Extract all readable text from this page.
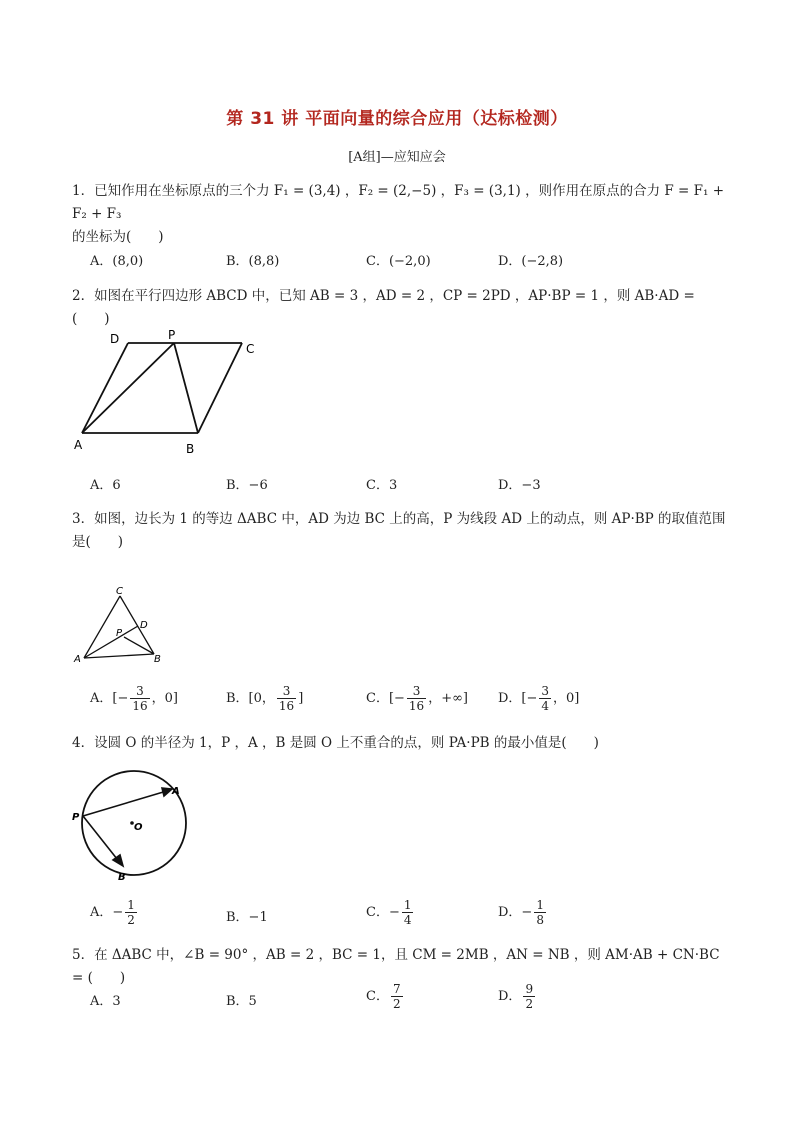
第 31 讲 平面向量的综合应用（达标检测）
[A组]—应知应会
1．已知作用在坐标原点的三个力 F₁ = (3,4) ，F₂ = (2,−5) ，F₃ = (3,1) ，则作用在原点的合力 F = F₁ + F₂ + F₃
的坐标为(　　)
A．(8,0)	B．(8,8)	C．(−2,0)	D．(−2,8)
2．如图在平行四边形 ABCD 中，已知 AB = 3 ，AD = 2 ，CP = 2PD ，AP·BP = 1 ，则 AB·AD = (　　)
D	P
C
A	B
A．6	B．−6	C．3	D．−3
3．如图，边长为 1 的等边 ΔABC 中，AD 为边 BC 上的高，P 为线段 AD 上的动点，则 AP·BP 的取值范围
是(　　)
C
D
P
A	B
A．[− $\frac{3}{16}$ ，0]	B．[0， $\frac{3}{16}$ ]	C．[− $\frac{3}{16}$ ，+∞] D．[− $\frac{3}{4}$ ，0]
4．设圆 O 的半径为 1，P ，A ，B 是圆 O 上不重合的点，则 PA·PB 的最小值是(　　)
P
A
O
B
A．− $\frac{1}{2}$	B．−1	C．− $\frac{1}{4}$	D．− $\frac{1}{8}$
5．在 ΔABC 中，∠B = 90° ，AB = 2 ，BC = 1，且 CM = 2MB ，AN = NB ，则 AM·AB + CN·BC = (　　)
A．3	B．5	C． $\frac{7}{2}$	D． $\frac{9}{2}$
